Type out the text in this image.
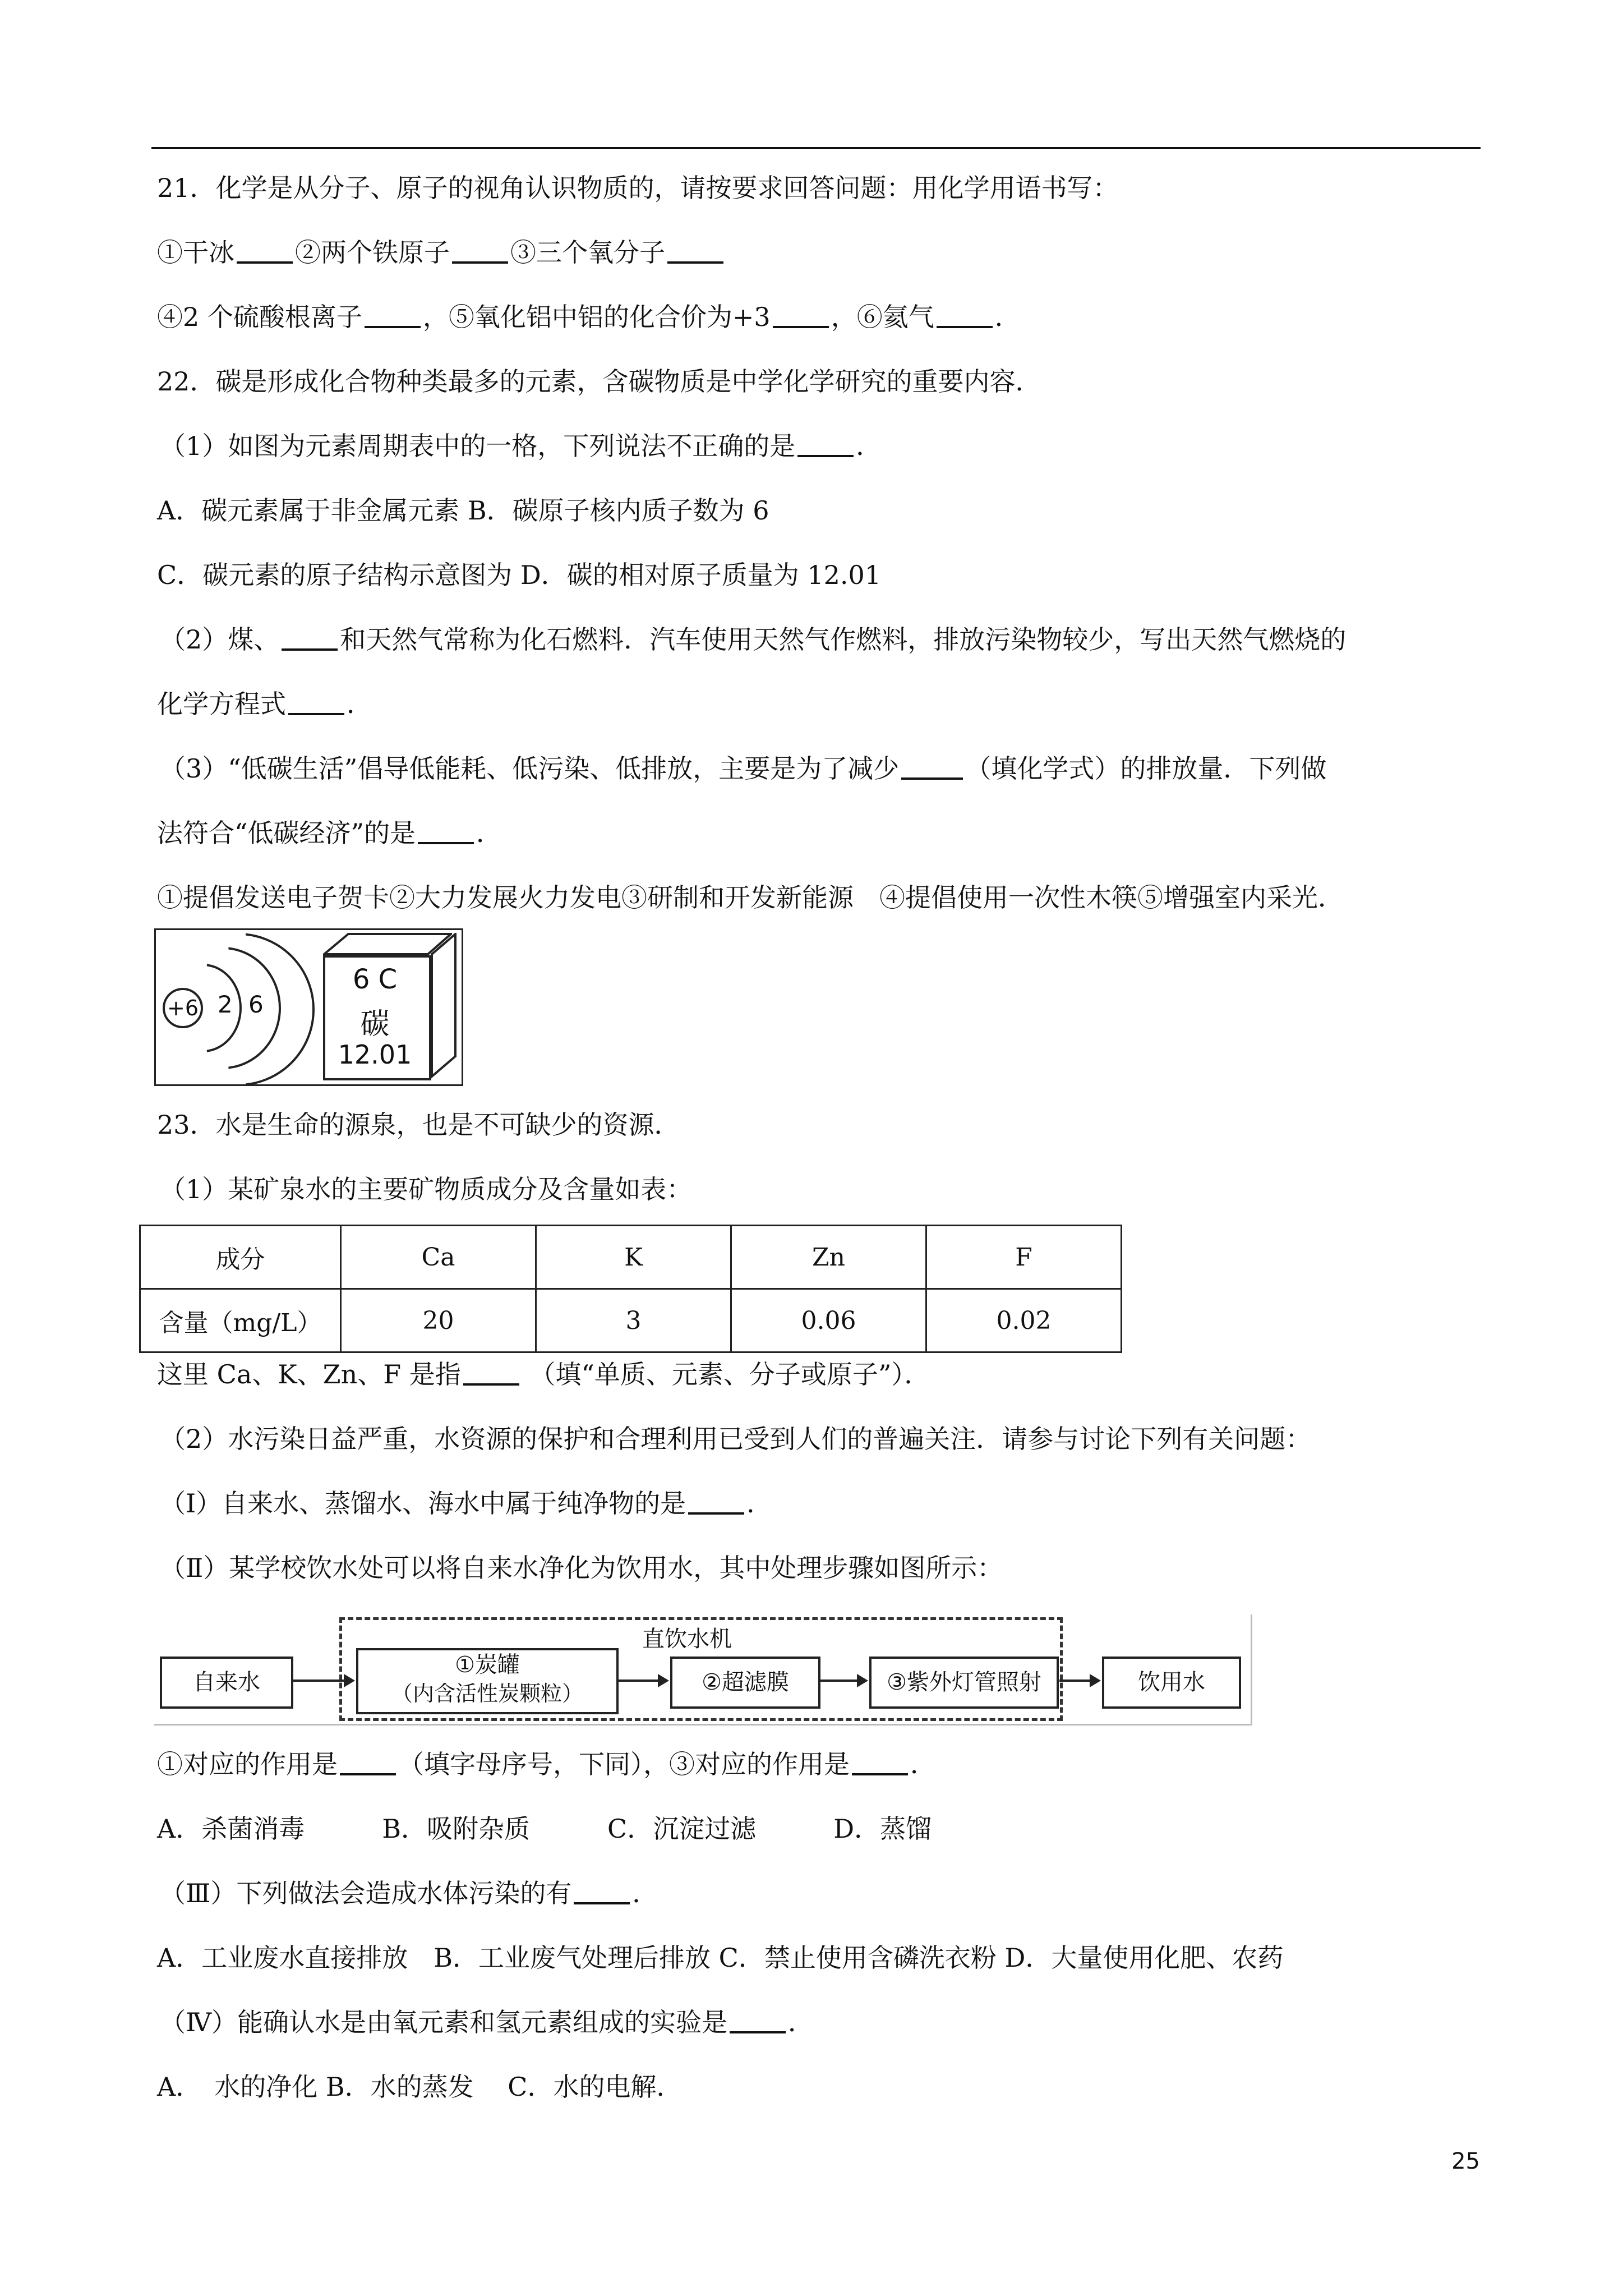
21．化学是从分子、原子的视角认识物质的，请按要求回答问题：用化学用语书写：
①干冰 ②两个铁原子 ③三个氧分子
④2 个硫酸根离子 ，⑤氧化铝中铝的化合价为+3 ，⑥氦气 ．
22．碳是形成化合物种类最多的元素，含碳物质是中学化学研究的重要内容．
（1）如图为元素周期表中的一格，下列说法不正确的是 ．
A．碳元素属于非金属元素 B．碳原子核内质子数为 6
C．碳元素的原子结构示意图为 D．碳的相对原子质量为 12.01
（2）煤、 和天然气常称为化石燃料．汽车使用天然气作燃料，排放污染物较少，写出天然气燃烧的
化学方程式 ．
（3）“低碳生活”倡导低能耗、低污染、低排放，主要是为了减少	（填化学式）的排放量．下列做
法符合“低碳经济”的是 ．
①提倡发送电子贺卡②大力发展火力发电③研制和开发新能源　④提倡使用一次性木筷⑤增强室内采光．
+6 2 6
6 C
碳
12.01
23．水是生命的源泉，也是不可缺少的资源．
（1）某矿泉水的主要矿物质成分及含量如表：
成分	Ca	K	Zn	F
含量（mg/L）	20	3	0.06	0.02
这里 Ca、K、Zn、F 是指 （填“单质、元素、分子或原子”）．
（2）水污染日益严重，水资源的保护和合理利用已受到人们的普遍关注．请参与讨论下列有关问题：
（Ⅰ）自来水、蒸馏水、海水中属于纯净物的是 ．
（Ⅱ）某学校饮水处可以将自来水净化为饮用水，其中处理步骤如图所示：
直饮水机
自来水
①炭罐
（内含活性炭颗粒）	②超滤膜	③紫外灯管照射	饮用水
①对应的作用是 （填字母序号，下同），③对应的作用是 ．
A．杀菌消毒　　　B．吸附杂质　　　C．沉淀过滤　　　D．蒸馏
（Ⅲ）下列做法会造成水体污染的有 ．
A．工业废水直接排放　B．工业废气处理后排放 C．禁止使用含磷洗衣粉 D．大量使用化肥、农药
（Ⅳ）能确认水是由氧元素和氢元素组成的实验是 ．
A．　水的净化 B．水的蒸发　 C．水的电解．
25
